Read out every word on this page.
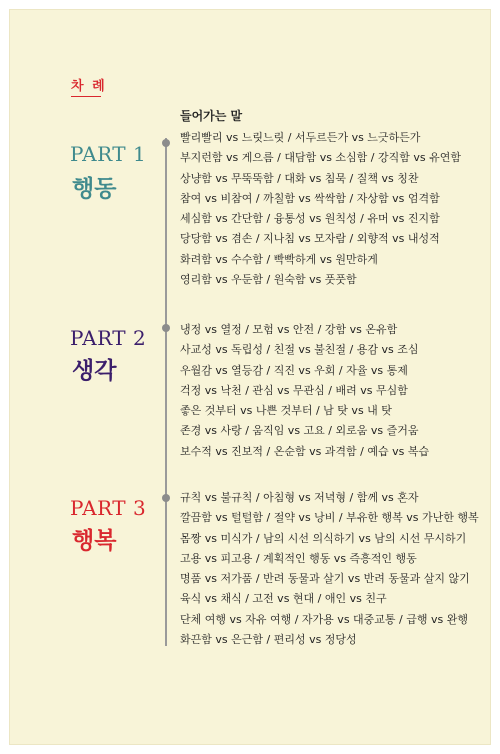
차 례
들어가는 말
PART 1
행동
빨리빨리 vs 느릿느릿 / 서두르든가 vs 느긋하든가
부지런함 vs 게으름 / 대담함 vs 소심함 / 강직함 vs 유연함
상냥함 vs 무뚝뚝함 / 대화 vs 침묵 / 질책 vs 칭찬
참여 vs 비참여 / 까칠함 vs 싹싹함 / 자상함 vs 엄격함
세심함 vs 간단함 / 융통성 vs 원칙성 / 유머 vs 진지함
당당함 vs 겸손 / 지나침 vs 모자람 / 외향적 vs 내성적
화려함 vs 수수함 / 빡빡하게 vs 원만하게
영리함 vs 우둔함 / 원숙함 vs 풋풋함
PART 2
생각
냉정 vs 열정 / 모험 vs 안전 / 강함 vs 온유함
사교성 vs 독립성 / 친절 vs 불친절 / 용감 vs 조심
우월감 vs 열등감 / 직진 vs 우회 / 자율 vs 통제
걱정 vs 낙천 / 관심 vs 무관심 / 배려 vs 무심함
좋은 것부터 vs 나쁜 것부터 / 남 탓 vs 내 탓
존경 vs 사랑 / 움직임 vs 고요 / 외로움 vs 즐거움
보수적 vs 진보적 / 온순함 vs 과격함 / 예습 vs 복습
PART 3
행복
규칙 vs 불규칙 / 아침형 vs 저녁형 / 함께 vs 혼자
깔끔함 vs 털털함 / 절약 vs 낭비 / 부유한 행복 vs 가난한 행복
몸짱 vs 미식가 / 남의 시선 의식하기 vs 남의 시선 무시하기
고용 vs 피고용 / 계획적인 행동 vs 즉흥적인 행동
명품 vs 저가품 / 반려 동물과 살기 vs 반려 동물과 살지 않기
육식 vs 채식 / 고전 vs 현대 / 애인 vs 친구
단체 여행 vs 자유 여행 / 자가용 vs 대중교통 / 급행 vs 완행
화끈함 vs 은근함 / 편리성 vs 정당성
